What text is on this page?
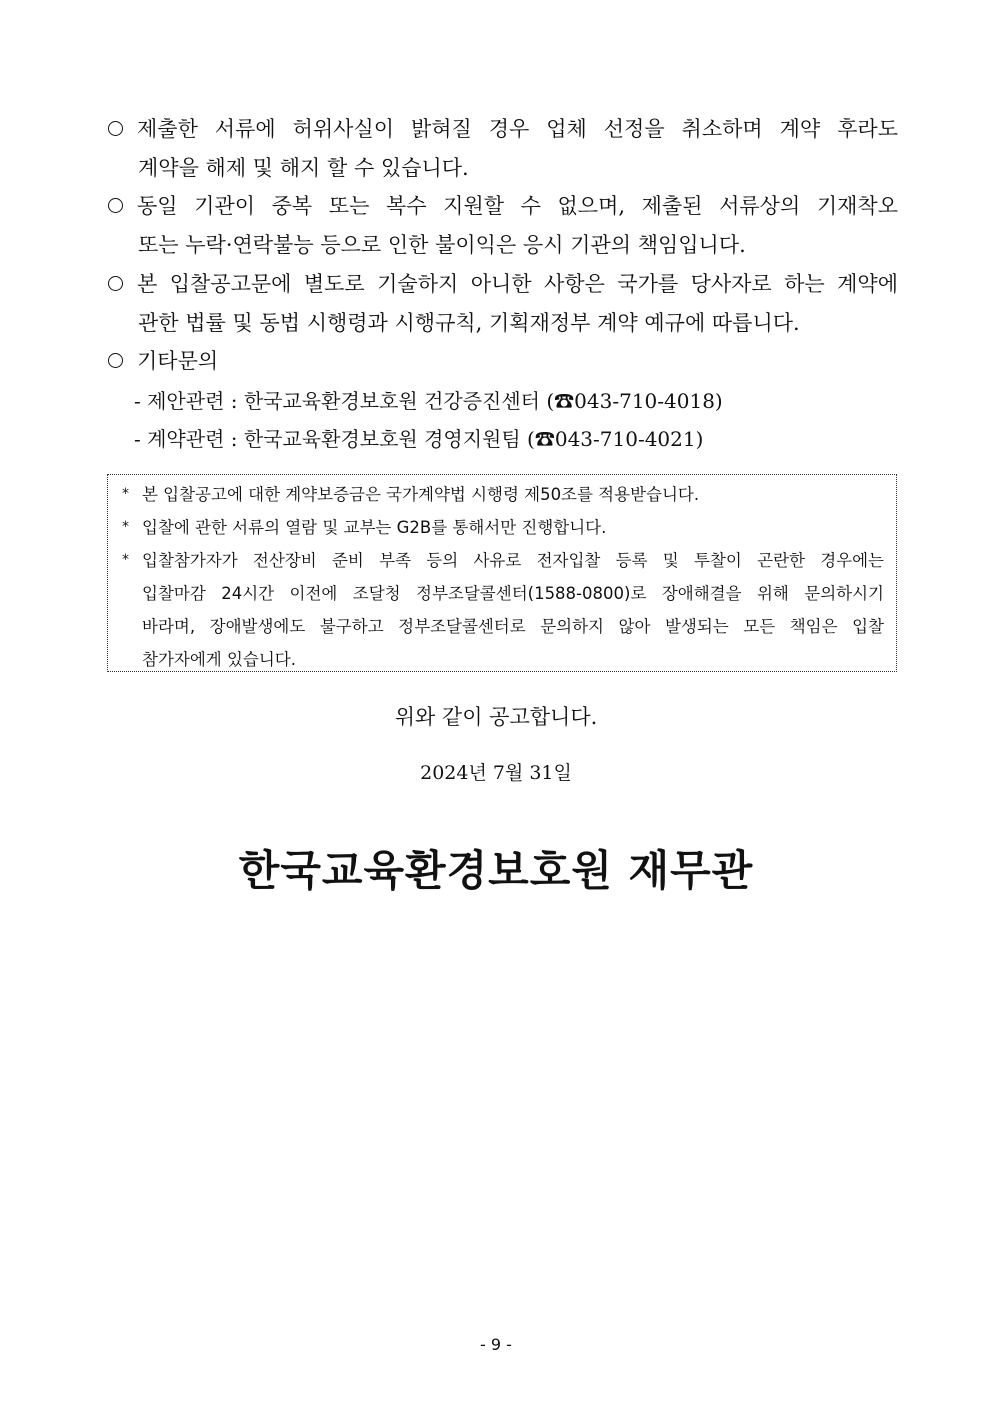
제출한 서류에 허위사실이 밝혀질 경우 업체 선정을 취소하며 계약 후라도
계약을 해제 및 해지 할 수 있습니다.
동일 기관이 중복 또는 복수 지원할 수 없으며, 제출된 서류상의 기재착오
또는 누락·연락불능 등으로 인한 불이익은 응시 기관의 책임입니다.
본 입찰공고문에 별도로 기술하지 아니한 사항은 국가를 당사자로 하는 계약에
관한 법률 및 동법 시행령과 시행규칙, 기획재정부 계약 예규에 따릅니다.
기타문의
- 제안관련 : 한국교육환경보호원 건강증진센터 (☎043-710-4018)
- 계약관련 : 한국교육환경보호원 경영지원팀 (☎043-710-4021)
* 본 입찰공고에 대한 계약보증금은 국가계약법 시행령 제50조를 적용받습니다.
* 입찰에 관한 서류의 열람 및 교부는 G2B를 통해서만 진행합니다.
* 입찰참가자가 전산장비 준비 부족 등의 사유로 전자입찰 등록 및 투찰이 곤란한 경우에는
입찰마감 24시간 이전에 조달청 정부조달콜센터(1588-0800)로 장애해결을 위해 문의하시기
바라며, 장애발생에도 불구하고 정부조달콜센터로 문의하지 않아 발생되는 모든 책임은 입찰
참가자에게 있습니다.
위와 같이 공고합니다.
2024년 7월 31일
한국교육환경보호원 재무관
- 9 -
